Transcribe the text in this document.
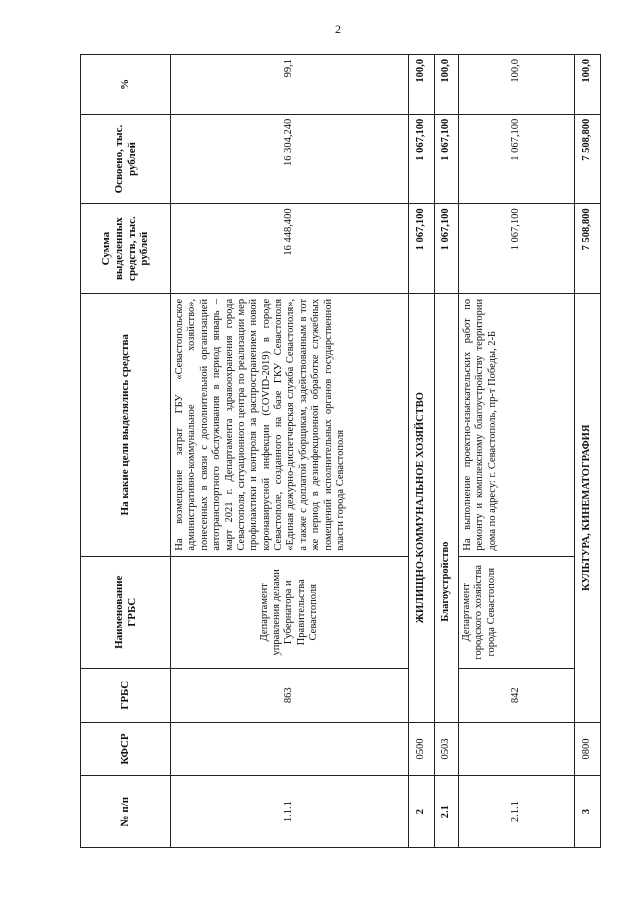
2
№ п/п	КФСР	ГРБС	Наименование ГРБС	На какие цели выделялись средства	Сумма выделенных средств, тыс. рублей	Освоено, тыс. рублей	%
1.1.1		863	Департамент управления делами Губернатора и Правительства Севастополя	На возмещение затрат ГБУ «Севастопольское административно-коммунальное хозяйство», понесенных в связи с дополнительной организацией автотранспортного обслуживания в период январь – март 2021 г. Департамента здравоохранения города Севастополя, ситуационного центра по реализации мер профилактики и контроля за распространением новой коронавирусной инфекции (COVID-2019) в городе Севастополе, созданного на базе ГКУ Севастополя «Единая дежурно-диспетчерская служба Севастополя», а также с доплатой уборщикам, задействованным в тот же период в дезинфекционной обработке служебных помещений исполнительных органов государственной власти города Севастополя	16 448,400	16 304,240	99,1
2	0500	ЖИЛИЩНО-КОММУНАЛЬНОЕ ХОЗЯЙСТВО			1 067,100	1 067,100	100,0
2.1	0503	Благоустройство			1 067,100	1 067,100	100,0
2.1.1		842	Департамент городского хозяйства города Севастополя	На выполнение проектно-изыскательских работ по ремонту и комплексному благоустройству территории дома по адресу: г. Севастополь, пр-т Победы, 2-Б	1 067,100	1 067,100	100,0
3	0800	КУЛЬТУРА, КИНЕМАТОГРАФИЯ			7 508,800	7 508,800	100,0
